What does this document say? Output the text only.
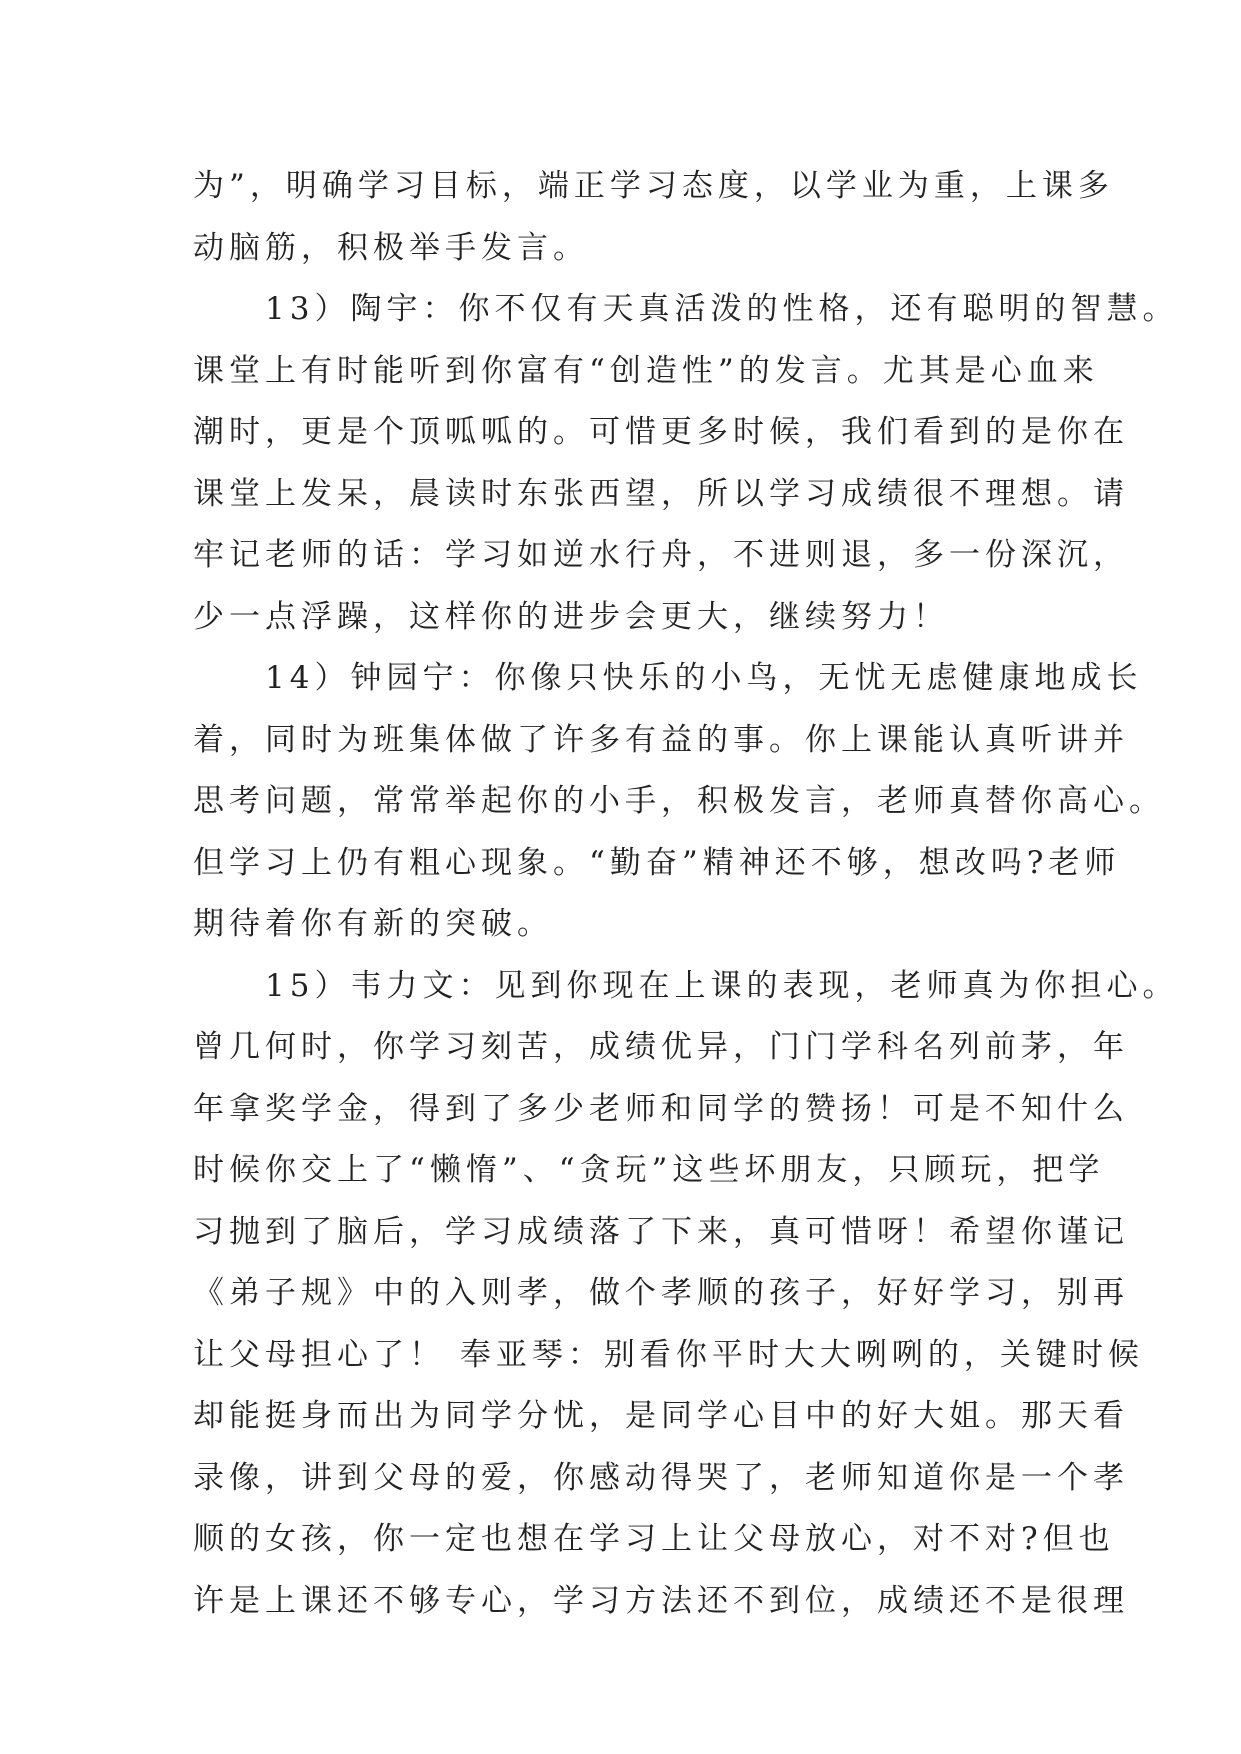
为”，明确学习目标，端正学习态度，以学业为重，上课多
动脑筋，积极举手发言。
　　13）陶宇：你不仅有天真活泼的性格，还有聪明的智慧。
课堂上有时能听到你富有“创造性”的发言。尤其是心血来
潮时，更是个顶呱呱的。可惜更多时候，我们看到的是你在
课堂上发呆，晨读时东张西望，所以学习成绩很不理想。请
牢记老师的话：学习如逆水行舟，不进则退，多一份深沉，
少一点浮躁，这样你的进步会更大，继续努力！
　　14）钟园宁：你像只快乐的小鸟，无忧无虑健康地成长
着，同时为班集体做了许多有益的事。你上课能认真听讲并
思考问题，常常举起你的小手，积极发言，老师真替你高心。
但学习上仍有粗心现象。“勤奋”精神还不够，想改吗?老师
期待着你有新的突破。
　　15）韦力文：见到你现在上课的表现，老师真为你担心。
曾几何时，你学习刻苦，成绩优异，门门学科名列前茅，年
年拿奖学金，得到了多少老师和同学的赞扬！可是不知什么
时候你交上了“懒惰”、“贪玩”这些坏朋友，只顾玩，把学
习抛到了脑后，学习成绩落了下来，真可惜呀！希望你谨记
《弟子规》中的入则孝，做个孝顺的孩子，好好学习，别再
让父母担心了！ 奉亚琴：别看你平时大大咧咧的，关键时候
却能挺身而出为同学分忧，是同学心目中的好大姐。那天看
录像，讲到父母的爱，你感动得哭了，老师知道你是一个孝
顺的女孩，你一定也想在学习上让父母放心，对不对?但也
许是上课还不够专心，学习方法还不到位，成绩还不是很理
